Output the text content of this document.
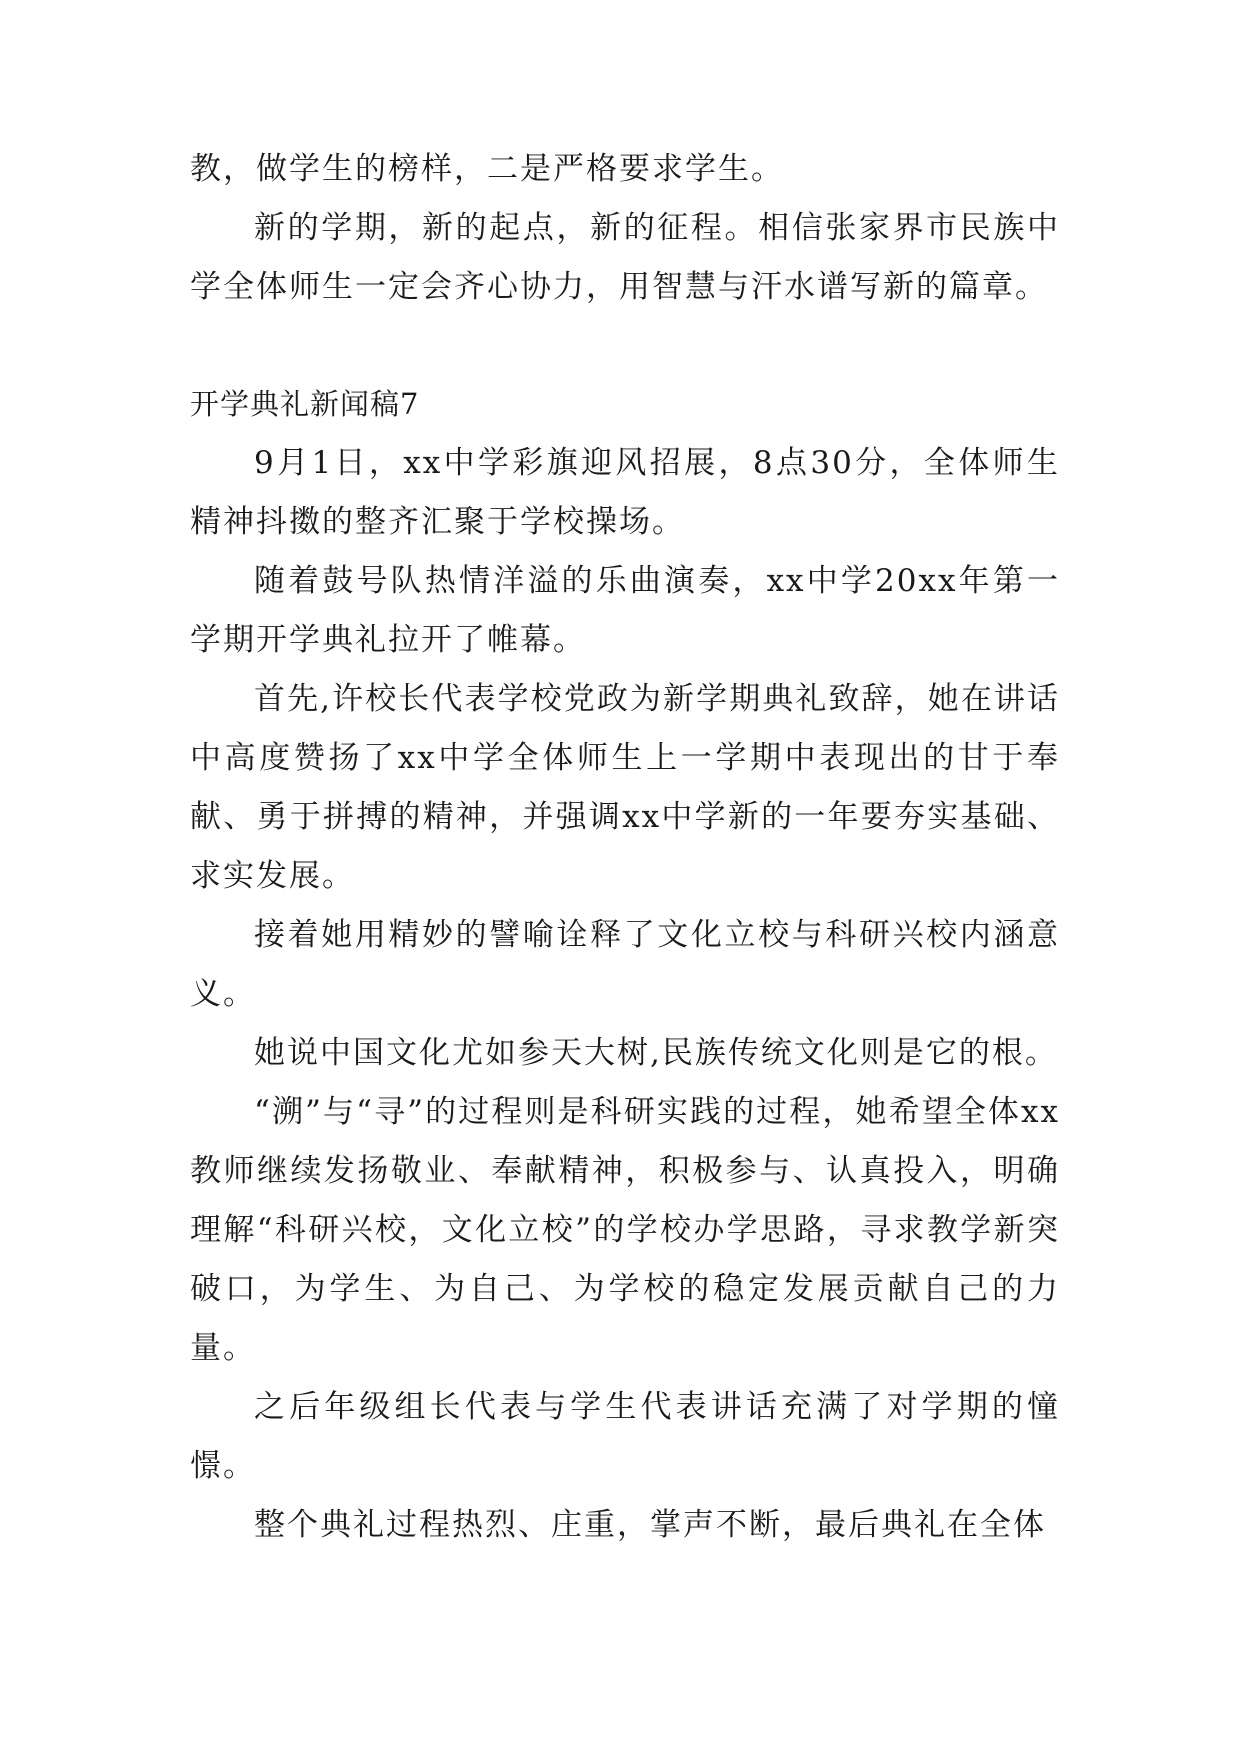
教，做学生的榜样，二是严格要求学生。

新的学期，新的起点，新的征程。相信张家界市民族中学全体师生一定会齐心协力，用智慧与汗水谱写新的篇章。

开学典礼新闻稿7

9月1日，xx中学彩旗迎风招展，8点30分，全体师生精神抖擞的整齐汇聚于学校操场。

随着鼓号队热情洋溢的乐曲演奏，xx中学20xx年第一学期开学典礼拉开了帷幕。

首先,许校长代表学校党政为新学期典礼致辞，她在讲话中高度赞扬了xx中学全体师生上一学期中表现出的甘于奉献、勇于拼搏的精神，并强调xx中学新的一年要夯实基础、求实发展。

接着她用精妙的譬喻诠释了文化立校与科研兴校内涵意义。

她说中国文化尤如参天大树,民族传统文化则是它的根。

“溯”与“寻”的过程则是科研实践的过程，她希望全体xx教师继续发扬敬业、奉献精神，积极参与、认真投入，明确理解“科研兴校，文化立校”的学校办学思路，寻求教学新突破口，为学生、为自己、为学校的稳定发展贡献自己的力量。

之后年级组长代表与学生代表讲话充满了对学期的憧憬。

整个典礼过程热烈、庄重，掌声不断，最后典礼在全体
